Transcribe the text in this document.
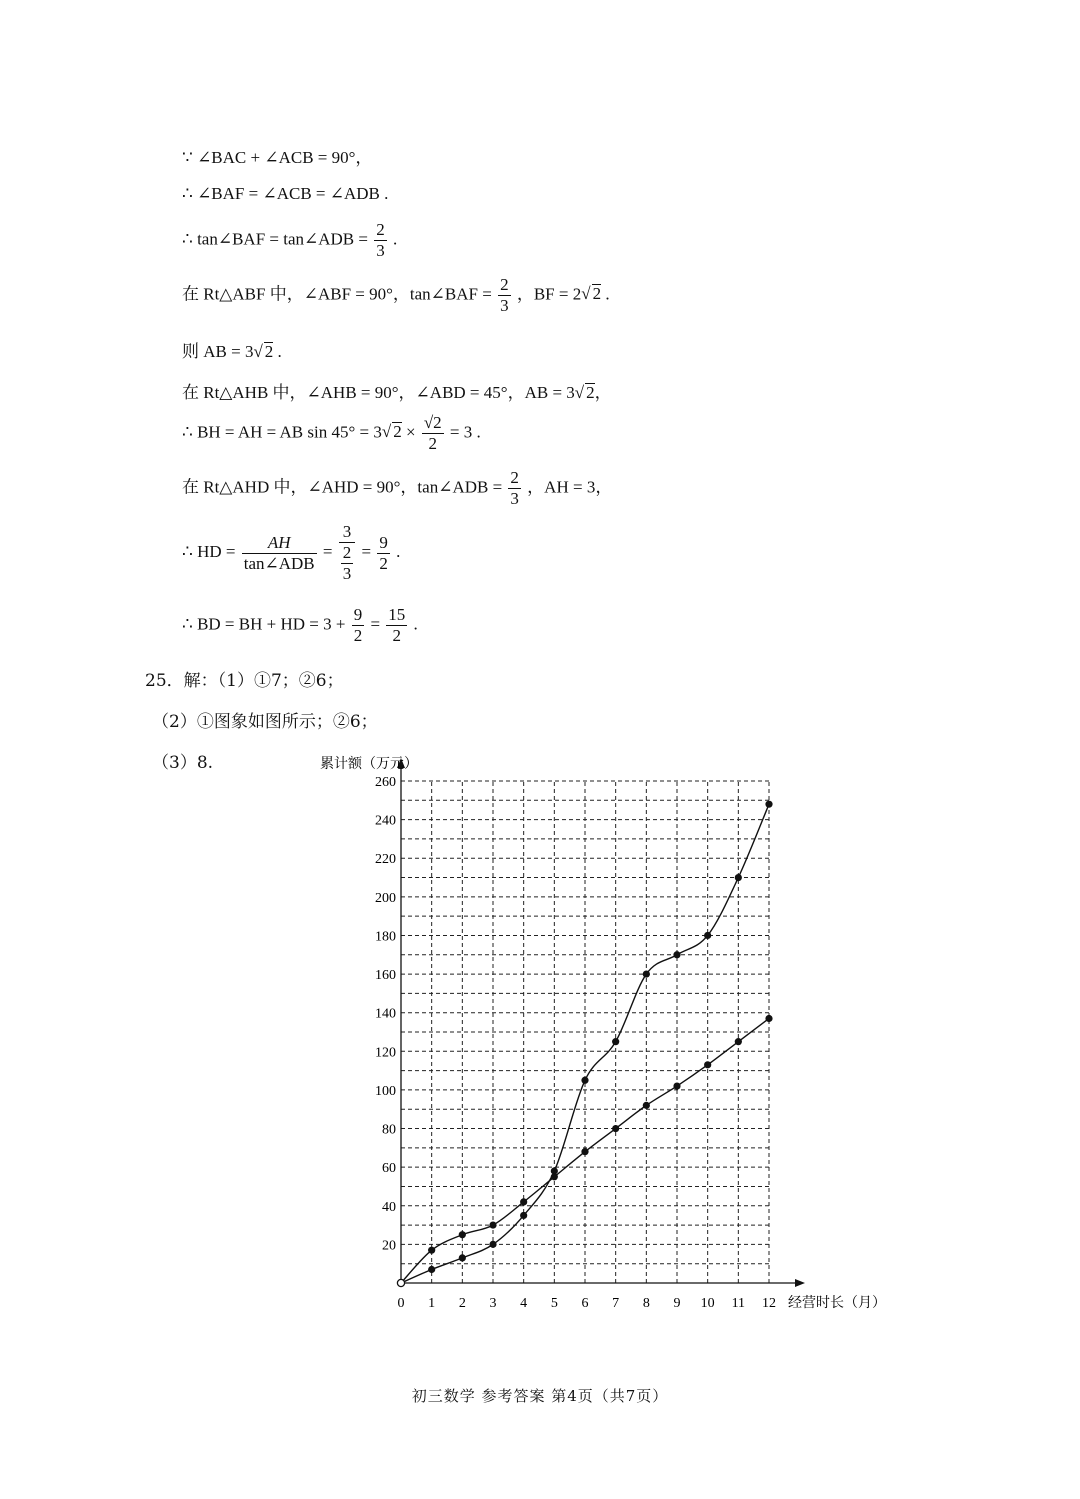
∵ ∠BAC + ∠ACB = 90°，
∴ ∠BAF = ∠ACB = ∠ADB .
∴ tan∠BAF = tan∠ADB = $\frac{2}{3}$ .
在 Rt△ABF 中，∠ABF = 90°，tan∠BAF = $\frac{2}{3}$ ，BF = 2√ 2 .
则 AB = 3√ 2 .
在 Rt△AHB 中，∠AHB = 90°，∠ABD = 45°，AB = 3√ 2，
∴ BH = AH = AB sin 45° = 3√ $2 \times \frac{√2}{2} = 3$ .
在 Rt△AHD 中，∠AHD = 90°，tan∠ADB = $\frac{2}{3}$ ，AH = 3，
∴ HD = $\frac{AH}{\text{tan∠ADB}} = \frac{3}{\frac{2}{3}} = \frac{9}{2}$ .
∴ BD = BH + HD = $3 + \frac{9}{2} = \frac{15}{2}$ .
25．解：（1）①7；②6；
（2）①图象如图所示；②6；
（3）8.
20
40
60
80
100
120
140
160
180
200
220
240
260
1 2 3 4 5 6 7 8 9 10 11 12
0
累计额（万元）
经营时长（月）
初三数学 参考答案 第4页（共7页）
